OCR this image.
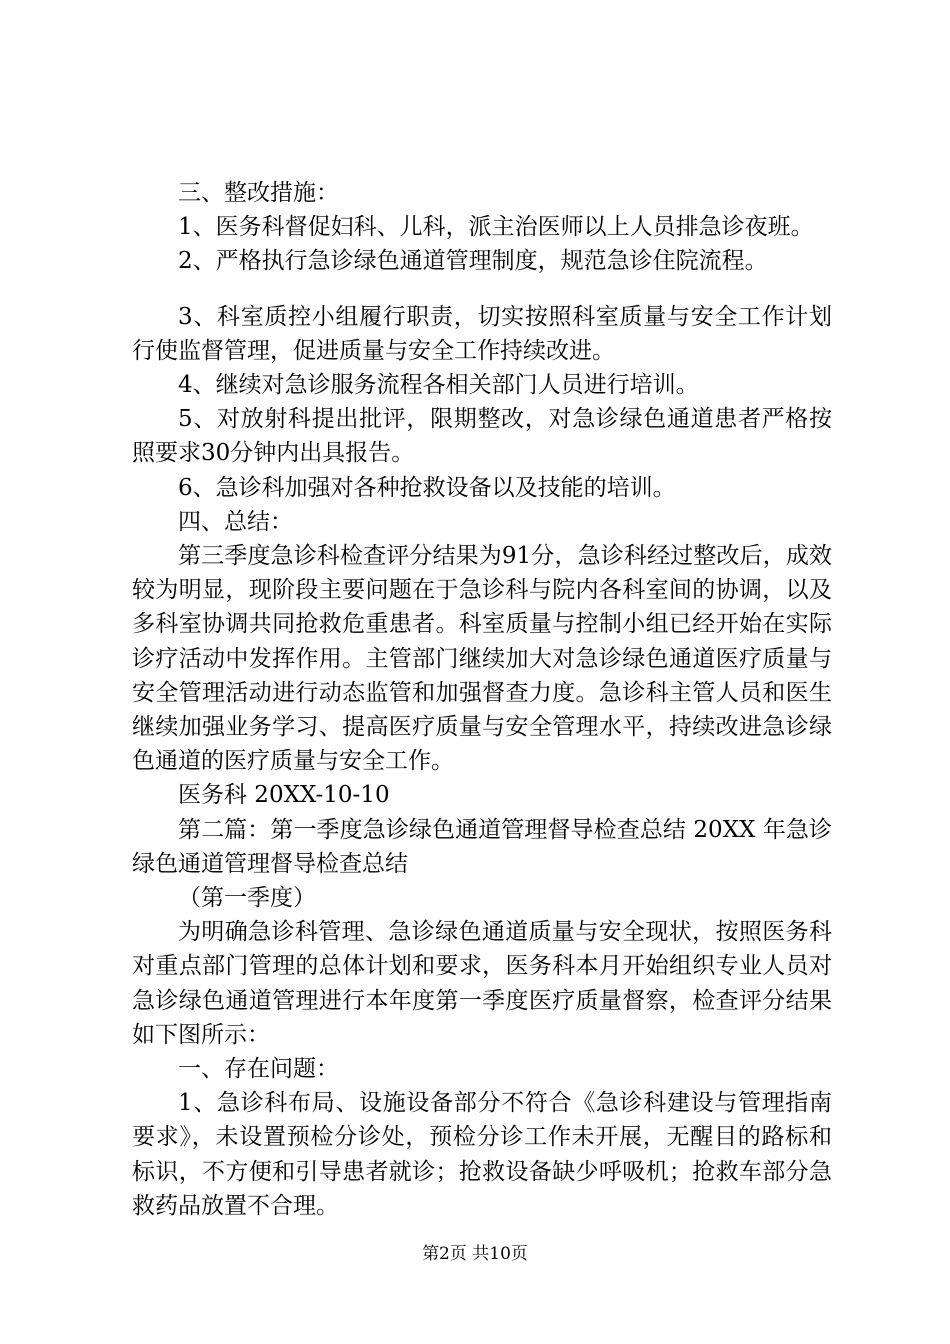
三、整改措施：

1、医务科督促妇科、儿科，派主治医师以上人员排急诊夜班。

2、严格执行急诊绿色通道管理制度，规范急诊住院流程。

3、科室质控小组履行职责，切实按照科室质量与安全工作计划行使监督管理，促进质量与安全工作持续改进。

4、继续对急诊服务流程各相关部门人员进行培训。

5、对放射科提出批评，限期整改，对急诊绿色通道患者严格按照要求30分钟内出具报告。

6、急诊科加强对各种抢救设备以及技能的培训。

四、总结：

第三季度急诊科检查评分结果为91分，急诊科经过整改后，成效较为明显，现阶段主要问题在于急诊科与院内各科室间的协调，以及多科室协调共同抢救危重患者。科室质量与控制小组已经开始在实际诊疗活动中发挥作用。主管部门继续加大对急诊绿色通道医疗质量与安全管理活动进行动态监管和加强督查力度。急诊科主管人员和医生继续加强业务学习、提高医疗质量与安全管理水平，持续改进急诊绿色通道的医疗质量与安全工作。

医务科 20XX-10-10

第二篇：第一季度急诊绿色通道管理督导检查总结 20XX 年急诊绿色通道管理督导检查总结

（第一季度）

为明确急诊科管理、急诊绿色通道质量与安全现状，按照医务科对重点部门管理的总体计划和要求，医务科本月开始组织专业人员对急诊绿色通道管理进行本年度第一季度医疗质量督察，检查评分结果如下图所示：

一、存在问题：

1、急诊科布局、设施设备部分不符合《急诊科建设与管理指南要求》，未设置预检分诊处，预检分诊工作未开展，无醒目的路标和标识，不方便和引导患者就诊；抢救设备缺少呼吸机；抢救车部分急救药品放置不合理。

第2页 共10页
